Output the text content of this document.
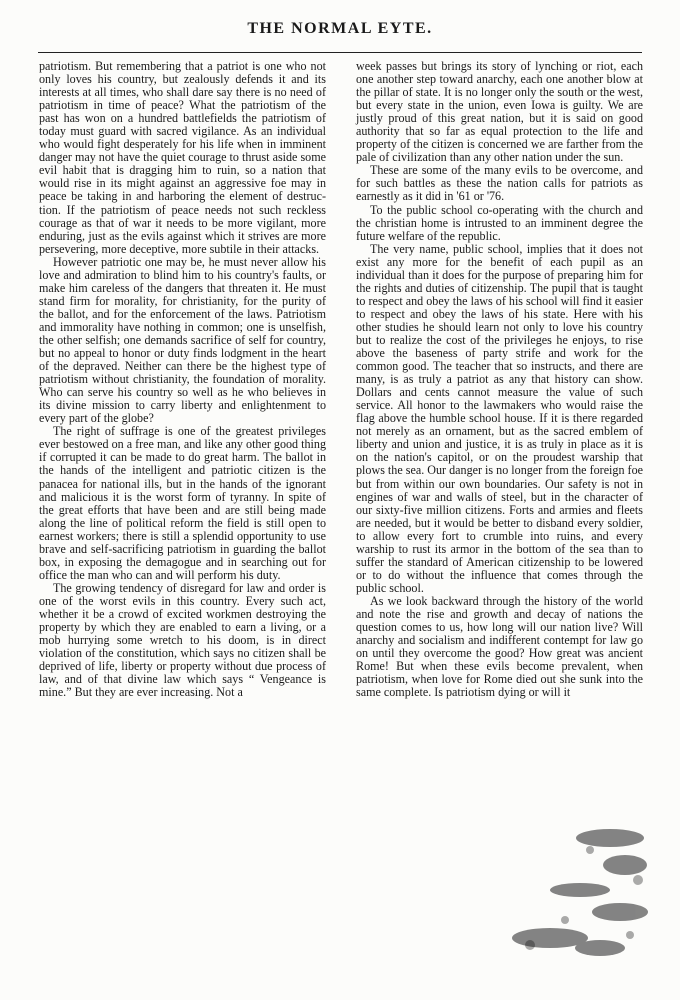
THE NORMAL EYTE.

patriotism. But remembering that a patriot is one who not only loves his country, but zealously defends it and its interests at all times, who shall dare say there is no need of patriotism in time of peace? What the patriotism of the past has won on a hundred battlefields the patriotism of today must guard with sacred vigilance. As an individual who would fight desperately for his life when in imminent danger may not have the quiet courage to thrust aside some evil habit that is dragging him to ruin, so a nation that would rise in its might against an aggressive foe may in peace be taking in and harboring the element of destruction. If the patriotism of peace needs not such reckless courage as that of war it needs to be more vigilant, more enduring, just as the evils against which it strives are more persevering, more deceptive, more subtile in their attacks.

However patriotic one may be, he must never allow his love and admiration to blind him to his country's faults, or make him careless of the dangers that threaten it. He must stand firm for morality, for christianity, for the purity of the ballot, and for the enforcement of the laws. Patriotism and immorality have nothing in common; one is unselfish, the other selfish; one demands sacrifice of self for country, but no appeal to honor or duty finds lodgment in the heart of the depraved. Neither can there be the highest type of patriotism without christianity, the foundation of morality. Who can serve his country so well as he who believes in its divine mission to carry liberty and enlightenment to every part of the globe?

The right of suffrage is one of the greatest privileges ever bestowed on a free man, and like any other good thing if corrupted it can be made to do great harm. The ballot in the hands of the intelligent and patriotic citizen is the panacea for national ills, but in the hands of the ignorant and malicious it is the worst form of tyranny. In spite of the great efforts that have been and are still being made along the line of political reform the field is still open to earnest workers; there is still a splendid opportunity to use brave and self-sacrificing patriotism in guarding the ballot box, in exposing the demagogue and in searching out for office the man who can and will perform his duty.

The growing tendency of disregard for law and order is one of the worst evils in this country. Every such act, whether it be a crowd of excited workmen destroying the property by which they are enabled to earn a living, or a mob hurrying some wretch to his doom, is in direct violation of the constitution, which says no citizen shall be deprived of life, liberty or property without due process of law, and of that divine law which says “ Vengeance is mine.” But they are ever increasing. Not a

week passes but brings its story of lynching or riot, each one another step toward anarchy, each one another blow at the pillar of state. It is no longer only the south or the west, but every state in the union, even Iowa is guilty. We are justly proud of this great nation, but it is said on good authority that so far as equal protection to the life and property of the citizen is concerned we are farther from the pale of civilization than any other nation under the sun.

These are some of the many evils to be overcome, and for such battles as these the nation calls for patriots as earnestly as it did in '61 or '76.

To the public school co-operating with the church and the christian home is intrusted to an imminent degree the future welfare of the republic.

The very name, public school, implies that it does not exist any more for the benefit of each pupil as an individual than it does for the purpose of preparing him for the rights and duties of citizenship. The pupil that is taught to respect and obey the laws of his school will find it easier to respect and obey the laws of his state. Here with his other studies he should learn not only to love his country but to realize the cost of the privileges he enjoys, to rise above the baseness of party strife and work for the common good. The teacher that so instructs, and there are many, is as truly a patriot as any that history can show. Dollars and cents cannot measure the value of such service. All honor to the lawmakers who would raise the flag above the humble school house. If it is there regarded not merely as an ornament, but as the sacred emblem of liberty and union and justice, it is as truly in place as it is on the nation's capitol, or on the proudest warship that plows the sea. Our danger is no longer from the foreign foe but from within our own boundaries. Our safety is not in engines of war and walls of steel, but in the character of our sixty-five million citizens. Forts and armies and fleets are needed, but it would be better to disband every soldier, to allow every fort to crumble into ruins, and every warship to rust its armor in the bottom of the sea than to suffer the standard of American citizenship to be lowered or to do without the influence that comes through the public school.

As we look backward through the history of the world and note the rise and growth and decay of nations the question comes to us, how long will our nation live? Will anarchy and socialism and indifferent contempt for law go on until they overcome the good? How great was ancient Rome! But when these evils become prevalent, when patriotism, when love for Rome died out she sunk into the same complete. Is patriotism dying or will it
